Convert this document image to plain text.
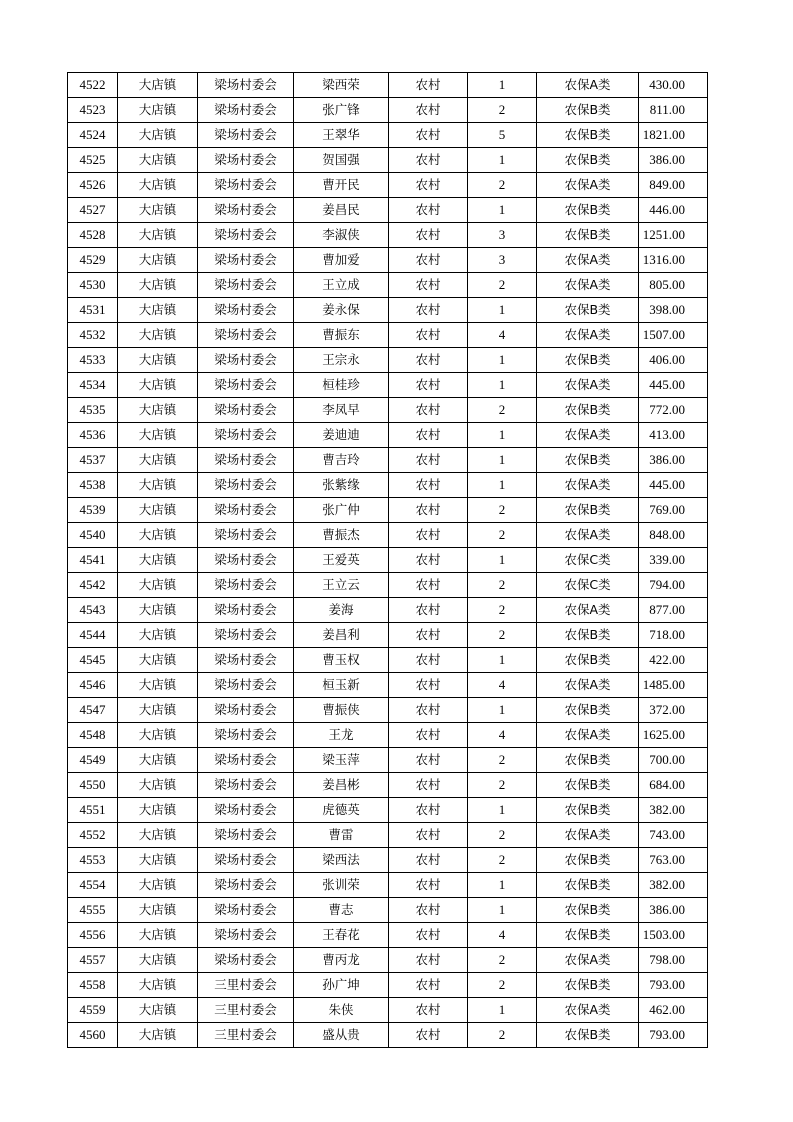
4522	大店镇	梁场村委会	梁西荣	农村	1	农保A类	430.00
4523	大店镇	梁场村委会	张广锋	农村	2	农保B类	811.00
4524	大店镇	梁场村委会	王翠华	农村	5	农保B类	1821.00
4525	大店镇	梁场村委会	贺国强	农村	1	农保B类	386.00
4526	大店镇	梁场村委会	曹开民	农村	2	农保A类	849.00
4527	大店镇	梁场村委会	姜昌民	农村	1	农保B类	446.00
4528	大店镇	梁场村委会	李淑侠	农村	3	农保B类	1251.00
4529	大店镇	梁场村委会	曹加爱	农村	3	农保A类	1316.00
4530	大店镇	梁场村委会	王立成	农村	2	农保A类	805.00
4531	大店镇	梁场村委会	姜永保	农村	1	农保B类	398.00
4532	大店镇	梁场村委会	曹振东	农村	4	农保A类	1507.00
4533	大店镇	梁场村委会	王宗永	农村	1	农保B类	406.00
4534	大店镇	梁场村委会	桓桂珍	农村	1	农保A类	445.00
4535	大店镇	梁场村委会	李凤早	农村	2	农保B类	772.00
4536	大店镇	梁场村委会	姜迪迪	农村	1	农保A类	413.00
4537	大店镇	梁场村委会	曹吉玲	农村	1	农保B类	386.00
4538	大店镇	梁场村委会	张紫缘	农村	1	农保A类	445.00
4539	大店镇	梁场村委会	张广仲	农村	2	农保B类	769.00
4540	大店镇	梁场村委会	曹振杰	农村	2	农保A类	848.00
4541	大店镇	梁场村委会	王爱英	农村	1	农保C类	339.00
4542	大店镇	梁场村委会	王立云	农村	2	农保C类	794.00
4543	大店镇	梁场村委会	姜海	农村	2	农保A类	877.00
4544	大店镇	梁场村委会	姜昌利	农村	2	农保B类	718.00
4545	大店镇	梁场村委会	曹玉权	农村	1	农保B类	422.00
4546	大店镇	梁场村委会	桓玉新	农村	4	农保A类	1485.00
4547	大店镇	梁场村委会	曹振侠	农村	1	农保B类	372.00
4548	大店镇	梁场村委会	王龙	农村	4	农保A类	1625.00
4549	大店镇	梁场村委会	梁玉萍	农村	2	农保B类	700.00
4550	大店镇	梁场村委会	姜昌彬	农村	2	农保B类	684.00
4551	大店镇	梁场村委会	虎德英	农村	1	农保B类	382.00
4552	大店镇	梁场村委会	曹雷	农村	2	农保A类	743.00
4553	大店镇	梁场村委会	梁西法	农村	2	农保B类	763.00
4554	大店镇	梁场村委会	张训荣	农村	1	农保B类	382.00
4555	大店镇	梁场村委会	曹志	农村	1	农保B类	386.00
4556	大店镇	梁场村委会	王春花	农村	4	农保B类	1503.00
4557	大店镇	梁场村委会	曹丙龙	农村	2	农保A类	798.00
4558	大店镇	三里村委会	孙广坤	农村	2	农保B类	793.00
4559	大店镇	三里村委会	朱侠	农村	1	农保A类	462.00
4560	大店镇	三里村委会	盛从贵	农村	2	农保B类	793.00
